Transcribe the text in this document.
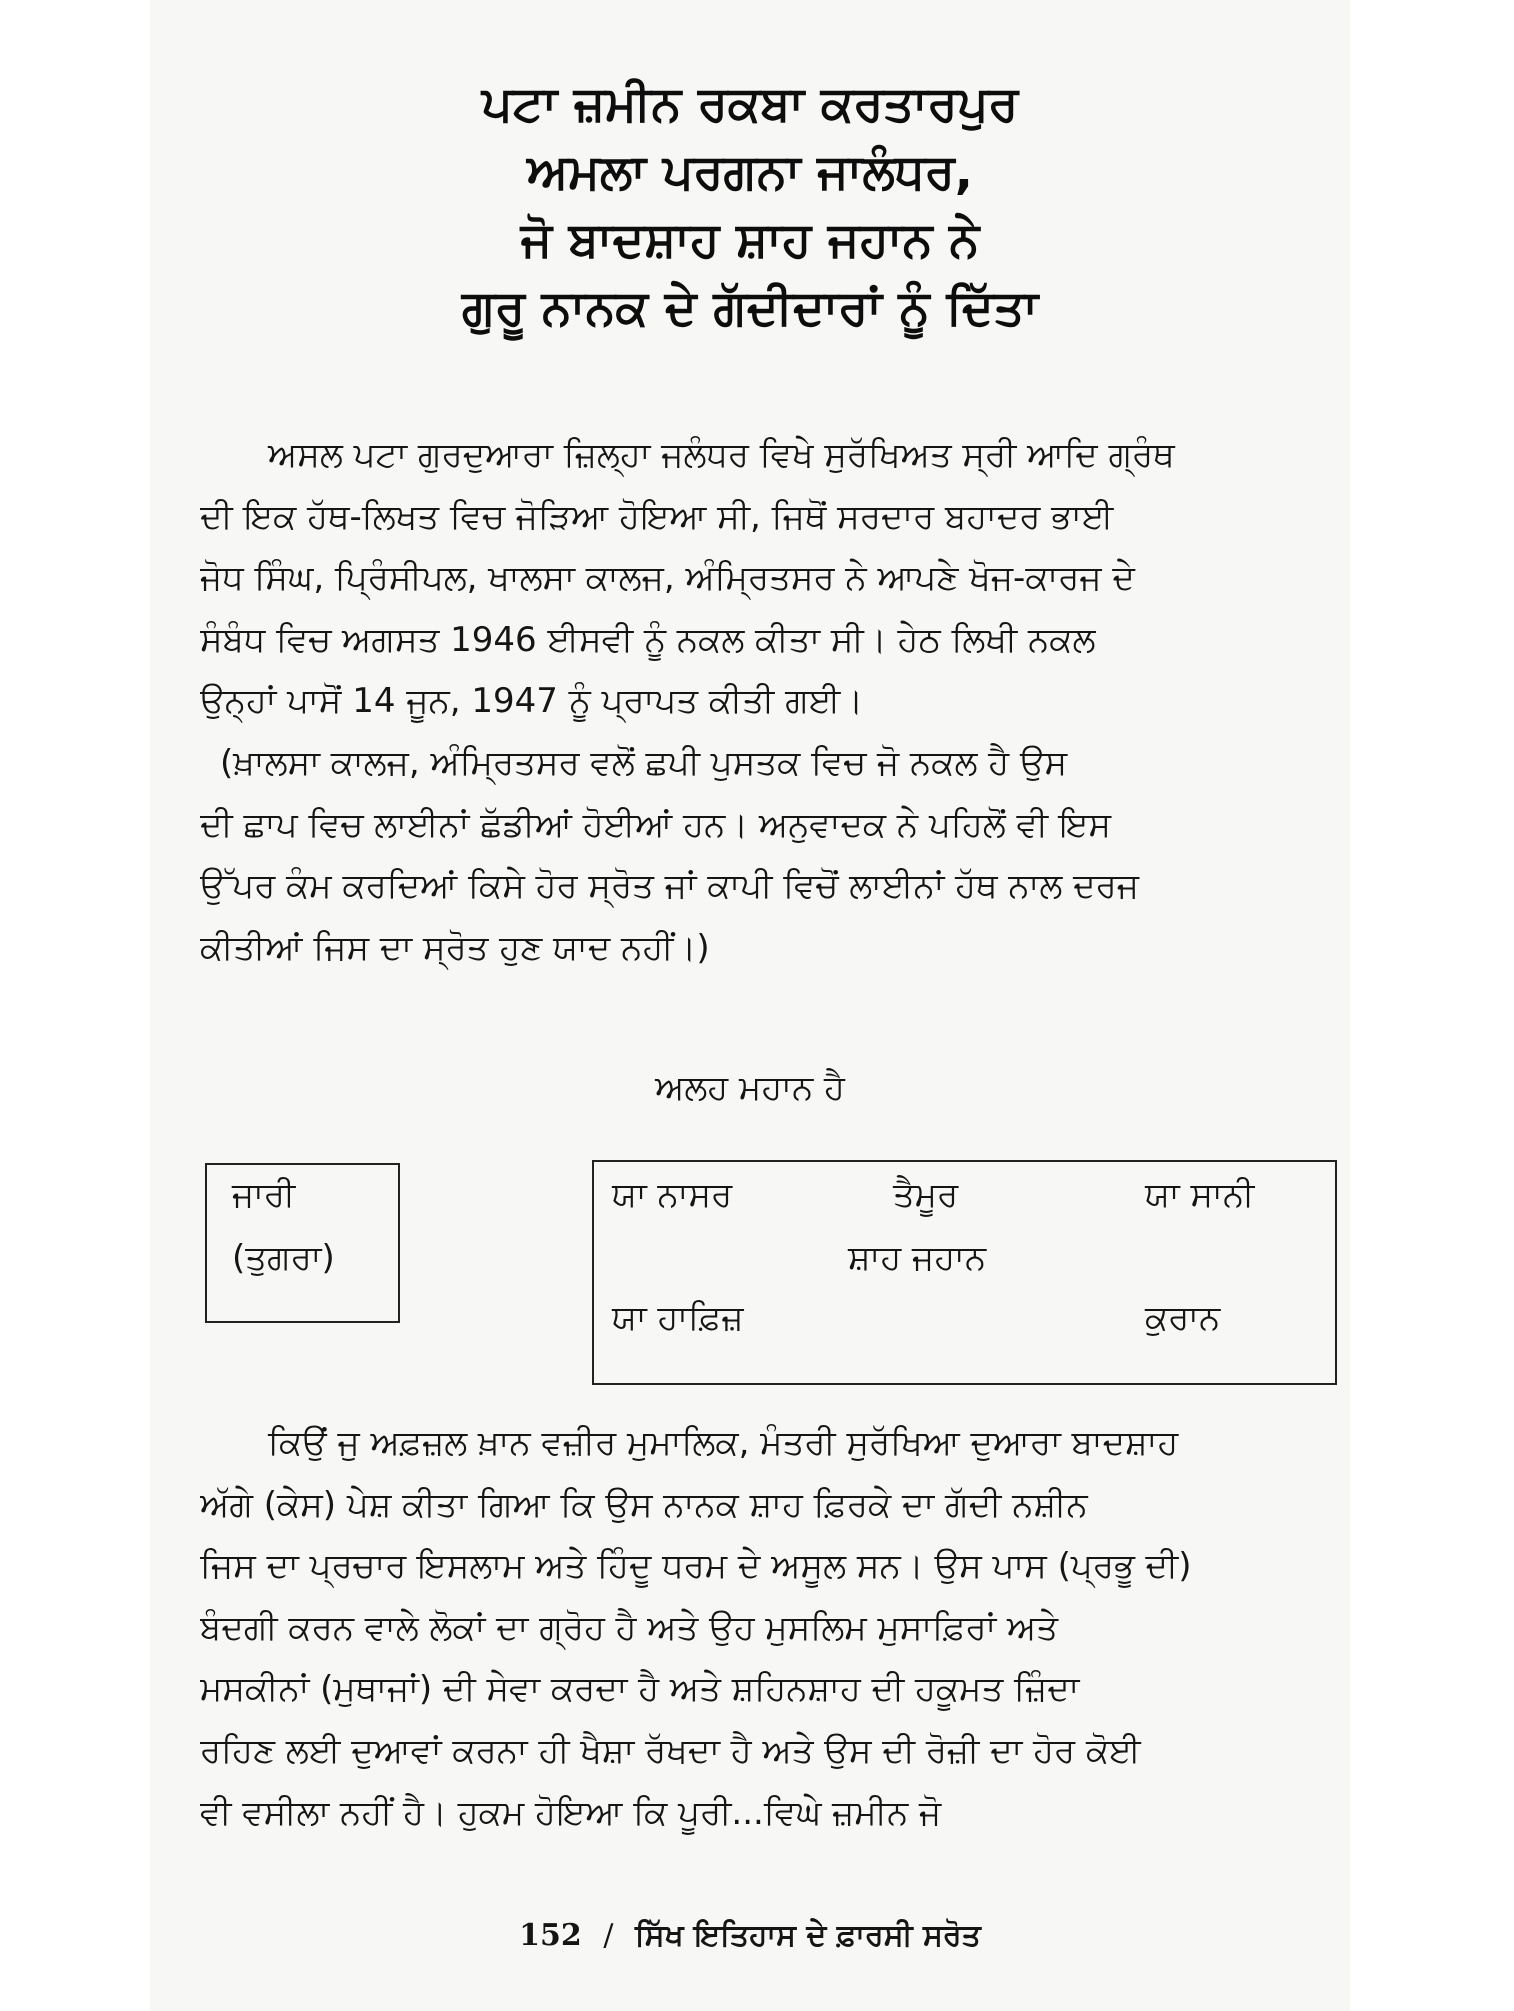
ਪਟਾ ਜ਼ਮੀਨ ਰਕਬਾ ਕਰਤਾਰਪੁਰ
ਅਮਲਾ ਪਰਗਨਾ ਜਾਲੰਧਰ,
ਜੋ ਬਾਦਸ਼ਾਹ ਸ਼ਾਹ ਜਹਾਨ ਨੇ
ਗੁਰੂ ਨਾਨਕ ਦੇ ਗੱਦੀਦਾਰਾਂ ਨੂੰ ਦਿੱਤਾ
ਅਸਲ ਪਟਾ ਗੁਰਦੁਆਰਾ ਜ਼ਿਲ੍ਹਾ ਜਲੰਧਰ ਵਿਖੇ ਸੁਰੱਖਿਅਤ ਸ੍ਰੀ ਆਦਿ ਗ੍ਰੰਥ
ਦੀ ਇਕ ਹੱਥ-ਲਿਖਤ ਵਿਚ ਜੋੜਿਆ ਹੋਇਆ ਸੀ, ਜਿਥੋਂ ਸਰਦਾਰ ਬਹਾਦਰ ਭਾਈ
ਜੋਧ ਸਿੰਘ, ਪ੍ਰਿੰਸੀਪਲ, ਖਾਲਸਾ ਕਾਲਜ, ਅੰਮ੍ਰਿਤਸਰ ਨੇ ਆਪਣੇ ਖੋਜ-ਕਾਰਜ ਦੇ
ਸੰਬੰਧ ਵਿਚ ਅਗਸਤ 1946 ਈਸਵੀ ਨੂੰ ਨਕਲ ਕੀਤਾ ਸੀ। ਹੇਠ ਲਿਖੀ ਨਕਲ
ਉਨ੍ਹਾਂ ਪਾਸੋਂ 14 ਜੂਨ, 1947 ਨੂੰ ਪ੍ਰਾਪਤ ਕੀਤੀ ਗਈ।
(ਖ਼ਾਲਸਾ ਕਾਲਜ, ਅੰਮ੍ਰਿਤਸਰ ਵਲੋਂ ਛਪੀ ਪੁਸਤਕ ਵਿਚ ਜੋ ਨਕਲ ਹੈ ਉਸ
ਦੀ ਛਾਪ ਵਿਚ ਲਾਈਨਾਂ ਛੱਡੀਆਂ ਹੋਈਆਂ ਹਨ। ਅਨੁਵਾਦਕ ਨੇ ਪਹਿਲੋਂ ਵੀ ਇਸ
ਉੱਪਰ ਕੰਮ ਕਰਦਿਆਂ ਕਿਸੇ ਹੋਰ ਸ੍ਰੋਤ ਜਾਂ ਕਾਪੀ ਵਿਚੋਂ ਲਾਈਨਾਂ ਹੱਥ ਨਾਲ ਦਰਜ
ਕੀਤੀਆਂ ਜਿਸ ਦਾ ਸ੍ਰੋਤ ਹੁਣ ਯਾਦ ਨਹੀਂ।)
ਅਲਹ ਮਹਾਨ ਹੈ
ਜਾਰੀ
(ਤੁਗਰਾ)
ਯਾ ਨਾਸਰ	ਤੈਮੂਰ	ਯਾ ਸਾਨੀ
ਸ਼ਾਹ ਜਹਾਨ
ਯਾ ਹਾਫ਼ਿਜ਼	ਕੁਰਾਨ
ਕਿਉਂ ਜੁ ਅਫ਼ਜ਼ਲ ਖ਼ਾਨ ਵਜ਼ੀਰ ਮੁਮਾਲਿਕ, ਮੰਤਰੀ ਸੁਰੱਖਿਆ ਦੁਆਰਾ ਬਾਦਸ਼ਾਹ
ਅੱਗੇ (ਕੇਸ) ਪੇਸ਼ ਕੀਤਾ ਗਿਆ ਕਿ ਉਸ ਨਾਨਕ ਸ਼ਾਹ ਫ਼ਿਰਕੇ ਦਾ ਗੱਦੀ ਨਸ਼ੀਨ
ਜਿਸ ਦਾ ਪ੍ਰਚਾਰ ਇਸਲਾਮ ਅਤੇ ਹਿੰਦੂ ਧਰਮ ਦੇ ਅਸੂਲ ਸਨ। ਉਸ ਪਾਸ (ਪ੍ਰਭੂ ਦੀ)
ਬੰਦਗੀ ਕਰਨ ਵਾਲੇ ਲੋਕਾਂ ਦਾ ਗ੍ਰੋਹ ਹੈ ਅਤੇ ਉਹ ਮੁਸਲਿਮ ਮੁਸਾਫ਼ਿਰਾਂ ਅਤੇ
ਮਸਕੀਨਾਂ (ਮੁਥਾਜਾਂ) ਦੀ ਸੇਵਾ ਕਰਦਾ ਹੈ ਅਤੇ ਸ਼ਹਿਨਸ਼ਾਹ ਦੀ ਹਕੂਮਤ ਜ਼ਿੰਦਾ
ਰਹਿਣ ਲਈ ਦੁਆਵਾਂ ਕਰਨਾ ਹੀ ਖੈਸ਼ਾ ਰੱਖਦਾ ਹੈ ਅਤੇ ਉਸ ਦੀ ਰੋਜ਼ੀ ਦਾ ਹੋਰ ਕੋਈ
ਵੀ ਵਸੀਲਾ ਨਹੀਂ ਹੈ। ਹੁਕਮ ਹੋਇਆ ਕਿ ਪੂਰੀ...ਵਿਘੇ ਜ਼ਮੀਨ ਜੋ
152 / ਸਿੱਖ ਇਤਿਹਾਸ ਦੇ ਫ਼ਾਰਸੀ ਸਰੋਤ
